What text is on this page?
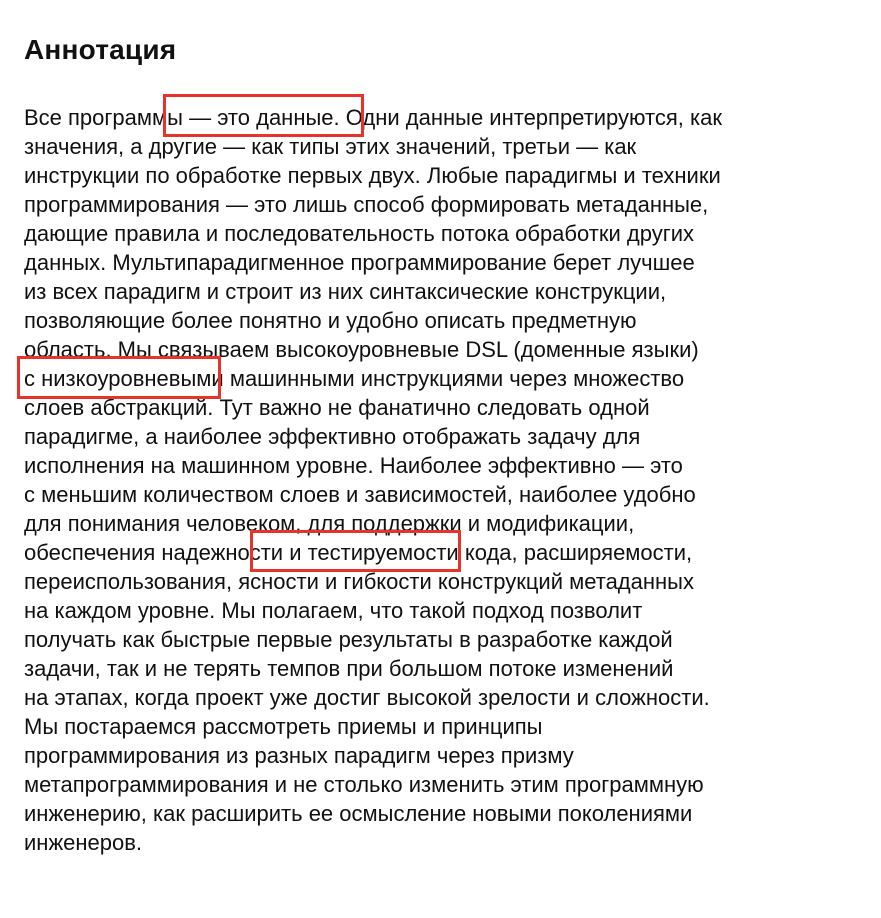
Аннотация

Все программы — это данные. Одни данные интерпретируются, как
значения, а другие — как типы этих значений, третьи — как
инструкции по обработке первых двух. Любые парадигмы и техники
программирования — это лишь способ формировать метаданные,
дающие правила и последовательность потока обработки других
данных. Мультипарадигменное программирование берет лучшее
из всех парадигм и строит из них синтаксические конструкции,
позволяющие более понятно и удобно описать предметную
область. Мы связываем высокоуровневые DSL (доменные языки)
с низкоуровневыми машинными инструкциями через множество
слоев абстракций. Тут важно не фанатично следовать одной
парадигме, а наиболее эффективно отображать задачу для
исполнения на машинном уровне. Наиболее эффективно — это
с меньшим количеством слоев и зависимостей, наиболее удобно
для понимания человеком, для поддержки и модификации,
обеспечения надежности и тестируемости кода, расширяемости,
переиспользования, ясности и гибкости конструкций метаданных
на каждом уровне. Мы полагаем, что такой подход позволит
получать как быстрые первые результаты в разработке каждой
задачи, так и не терять темпов при большом потоке изменений
на этапах, когда проект уже достиг высокой зрелости и сложности.
Мы постараемся рассмотреть приемы и принципы
программирования из разных парадигм через призму
метапрограммирования и не столько изменить этим программную
инженерию, как расширить ее осмысление новыми поколениями
инженеров.
